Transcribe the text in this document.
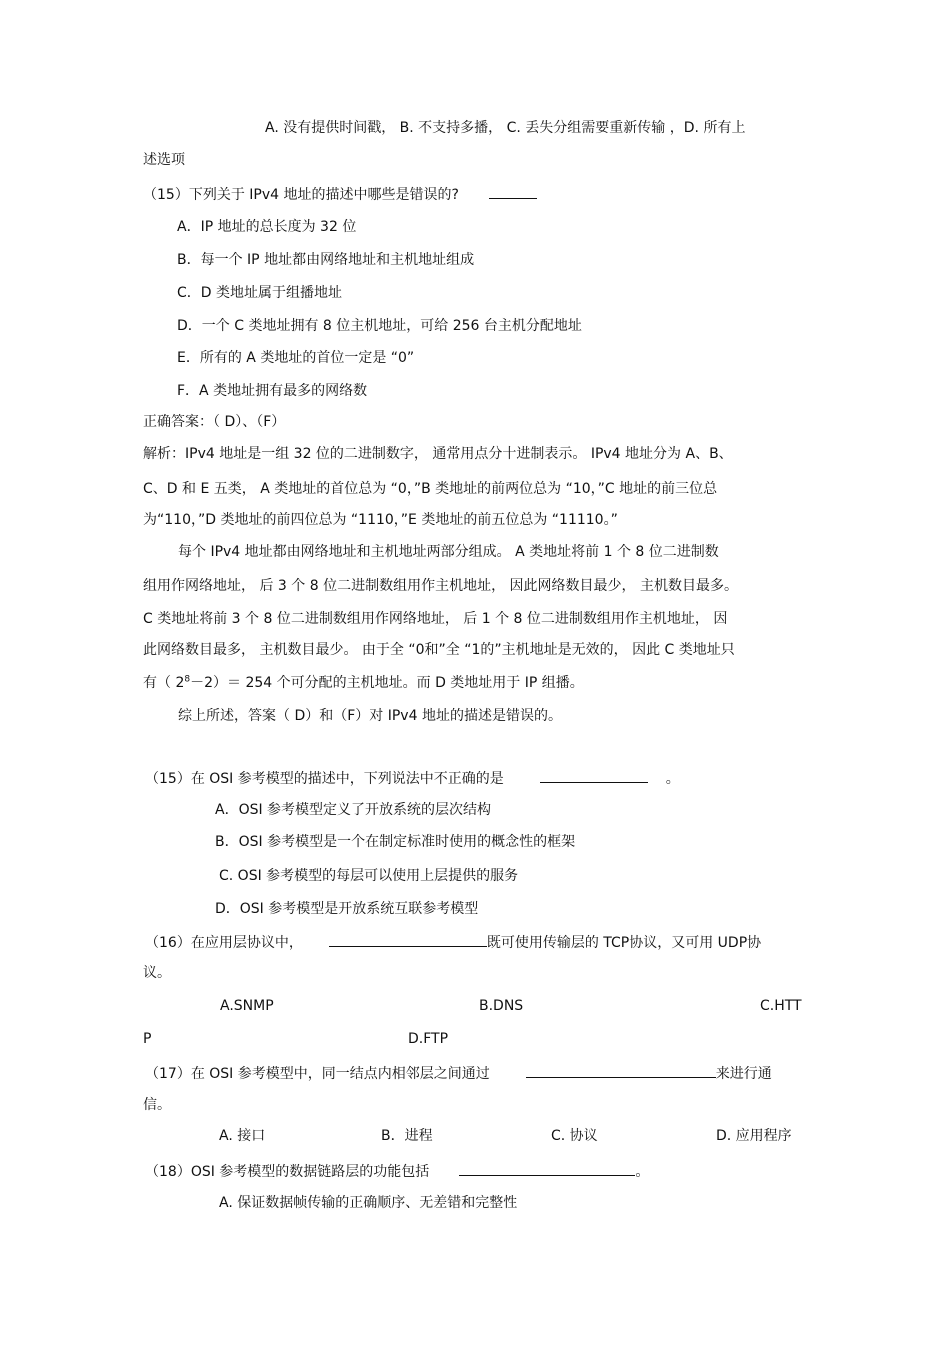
A. 没有提供时间戳， B. 不支持多播， C. 丢失分组需要重新传输 ，D. 所有上
述选项
（15）下列关于 IPv4 地址的描述中哪些是错误的?
A．IP 地址的总长度为 32 位
B．每一个 IP 地址都由网络地址和主机地址组成
C．D 类地址属于组播地址
D．一个 C 类地址拥有 8 位主机地址，可给 256 台主机分配地址
E．所有的 A 类地址的首位一定是 “0”
F．A 类地址拥有最多的网络数
正确答案：（ D）、（F）
解析：IPv4 地址是一组 32 位的二进制数字， 通常用点分十进制表示。 IPv4 地址分为 A、B、
C、D 和 E 五类， A 类地址的首位总为 “0，”B 类地址的前两位总为 “10，”C 地址的前三位总
为“110，”D 类地址的前四位总为 “1110，”E 类地址的前五位总为 “11110。”
每个 IPv4 地址都由网络地址和主机地址两部分组成。 A 类地址将前 1 个 8 位二进制数
组用作网络地址， 后 3 个 8 位二进制数组用作主机地址， 因此网络数目最少， 主机数目最多。
C 类地址将前 3 个 8 位二进制数组用作网络地址， 后 1 个 8 位二进制数组用作主机地址， 因
此网络数目最多， 主机数目最少。 由于全 “0和”全 “1的”主机地址是无效的， 因此 C 类地址只
有（ $2^8-2)= 254$ 个可分配的主机地址。而 D 类地址用于 IP 组播。
综上所述，答案（ D）和（F）对 IPv4 地址的描述是错误的。
（15）在 OSI 参考模型的描述中，下列说法中不正确的是	。
A．OSI 参考模型定义了开放系统的层次结构
B．OSI 参考模型是一个在制定标准时使用的概念性的框架
C. OSI 参考模型的每层可以使用上层提供的服务
D．OSI 参考模型是开放系统互联参考模型
（16）在应用层协议中，	既可使用传输层的 TCP协议，又可用 UDP协
议。
A.SNMP	B.DNS	C.HTT
P	D.FTP
（17）在 OSI 参考模型中，同一结点内相邻层之间通过	来进行通
信。
A. 接口	B．进程	C. 协议	D. 应用程序
（18）OSI 参考模型的数据链路层的功能包括	。
A. 保证数据帧传输的正确顺序、无差错和完整性
